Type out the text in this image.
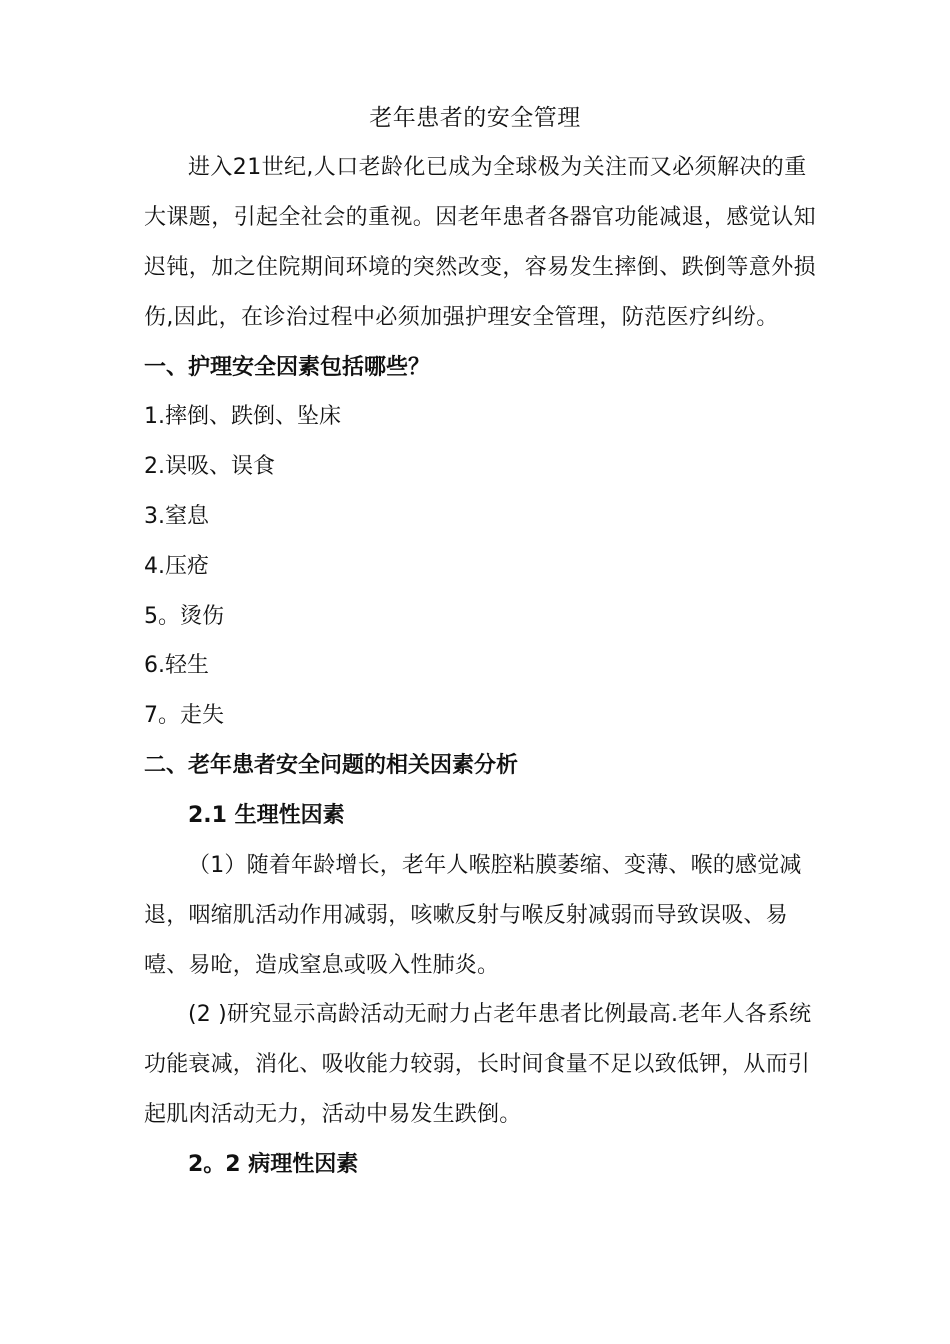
老年患者的安全管理

进入21世纪,人口老龄化已成为全球极为关注而又必须解决的重大课题，引起全社会的重视。因老年患者各器官功能减退，感觉认知迟钝，加之住院期间环境的突然改变，容易发生摔倒、跌倒等意外损伤,因此，在诊治过程中必须加强护理安全管理，防范医疗纠纷。

一、护理安全因素包括哪些？
1.摔倒、跌倒、坠床
2.误吸、误食
3.窒息
4.压疮
5。烫伤
6.轻生
7。走失
二、老年患者安全问题的相关因素分析
2.1 生理性因素

（1）随着年龄增长，老年人喉腔粘膜萎缩、变薄、喉的感觉减退，咽缩肌活动作用减弱，咳嗽反射与喉反射减弱而导致误吸、易噎、易呛，造成窒息或吸入性肺炎。

(2 )研究显示高龄活动无耐力占老年患者比例最高.老年人各系统功能衰减，消化、吸收能力较弱，长时间食量不足以致低钾，从而引起肌肉活动无力，活动中易发生跌倒。

2。2 病理性因素
